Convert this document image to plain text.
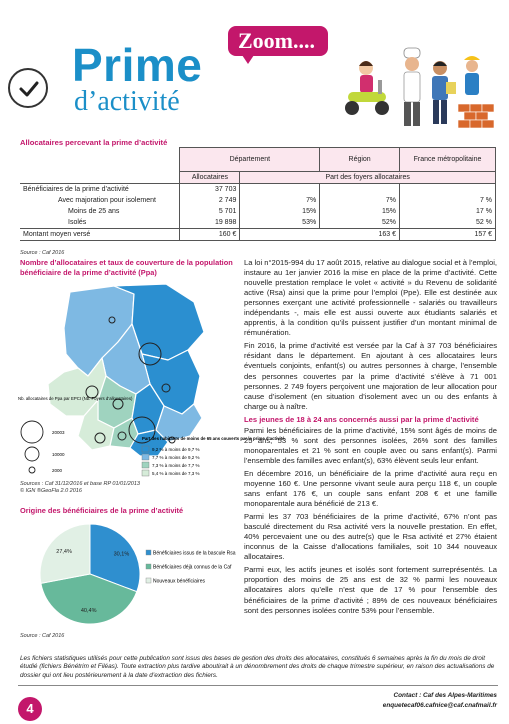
Prime
d’activité
Zoom....
Allocataires percevant la prime d’activité
	Département		Région	France métropolitaine
	Allocataires	Part des foyers allocataires		
Bénéficiaires de la prime d’activité	37 703			
Avec majoration pour isolement	2 749	7%	7%	7 %
Moins de 25 ans	5 701	15%	15%	17 %
Isolés	19 898	53%	52%	52 %
Montant moyen versé	160 €		163 €	157 €
Source : Caf 2016
Nombre d’allocataires et taux de couverture de la population bénéficiaire de la prime d’activité (Ppa)
Nb. allocataires de Ppa par EPCI (Nb. Foyers d’allocataires)
20003
10000
2000
Part des habitants de moins de 65 ans couverts par la prime d’activité
9,2 % à moins de 9,7 %
7,7 % à moins de 9,2 %
7,3 % à moins de 7,7 %
5,4 % à moins de 7,3 %
Sources : Caf 31/12/2016 et base RP 01/01/2013
© IGN ®GeoFla 2.0 2016
Origine des bénéficiaires de la prime d’activité
30,1%
40,4%
27,4%	Bénéficiaires issus de la bascule Rsa
Bénéficiaires déjà connus de la Caf
Nouveaux bénéficiaires
Source : Caf 2016

La loi n°2015-994 du 17 août 2015, relative au dialogue social et à l’emploi, instaure au 1er janvier 2016 la mise en place de la prime d’activité. Cette nouvelle prestation remplace le volet « activité » du Revenu de solidarité active (Rsa) ainsi que la prime pour l’emploi (Ppe). Elle est destinée aux personnes exerçant une activité professionnelle - salariés ou travailleurs indépendants -, mais elle est aussi ouverte aux étudiants salariés et apprentis, à la condition qu’ils puissent justifier d’un montant minimal de rémunération.

Fin 2016, la prime d’activité est versée par la Caf à 37 703 bénéficiaires résidant dans le département. En ajoutant à ces allocataires leurs éventuels conjoints, enfant(s) ou autres personnes à charge, l’ensemble des personnes couvertes par la prime d’activité s’élève à 71 001 personnes. 2 749 foyers perçoivent une majoration de leur allocation pour cause d’isolement (en situation d’isolement avec un ou des enfants à charge ou à naître.

Les jeunes de 18 à 24 ans concernés aussi par la prime d’activité

Parmi les bénéficiaires de la prime d’activité, 15% sont âgés de moins de 25 ans, 53 % sont des personnes isolées, 26% sont des familles monoparentales et 21 % sont en couple avec ou sans enfant(s). Parmi l’ensemble des familles avec enfant(s), 63% élèvent seuls leur enfant.

En décembre 2016, un bénéficiaire de la prime d’activité aura reçu en moyenne 160 €. Une personne vivant seule aura perçu 118 €, un couple sans enfant 176 €, un couple sans enfant 208 € et une famille monoparentale aura bénéficié de 213 €.

Parmi les 37 703 bénéficiaires de la prime d’activité, 67% n’ont pas basculé directement du Rsa activité vers la nouvelle prestation. En effet, 40% percevaient une ou des autre(s) que le Rsa activité et 27% étaient inconnus de la Caisse d’allocations familiales, soit 10 344 nouveaux allocataires.

Parmi eux, les actifs jeunes et isolés sont fortement surreprésentés. La proportion des moins de 25 ans est de 32 % parmi les nouveaux allocataires alors qu’elle n’est que de 17 % pour l’ensemble des bénéficiaires de la prime d’activité ; 89% de ces nouveaux bénéficiaires sont des personnes isolées contre 53% pour l’ensemble.

Les fichiers statistiques utilisés pour cette publication sont issus des bases de gestion des droits des allocataires, constitués 6 semaines après la fin du mois de droit étudié (fichiers Bénétrim et Filéas). Toute extraction plus tardive aboutirait à un dénombrement des droits de chaque trimestre supérieur, en raison des actualisations de dossier qui ont lieu postérieurement à la date d’extraction des fichiers.
4
Contact : Caf des Alpes-Maritimes
enquetecaf06.cafnice@caf.cnafmail.fr
